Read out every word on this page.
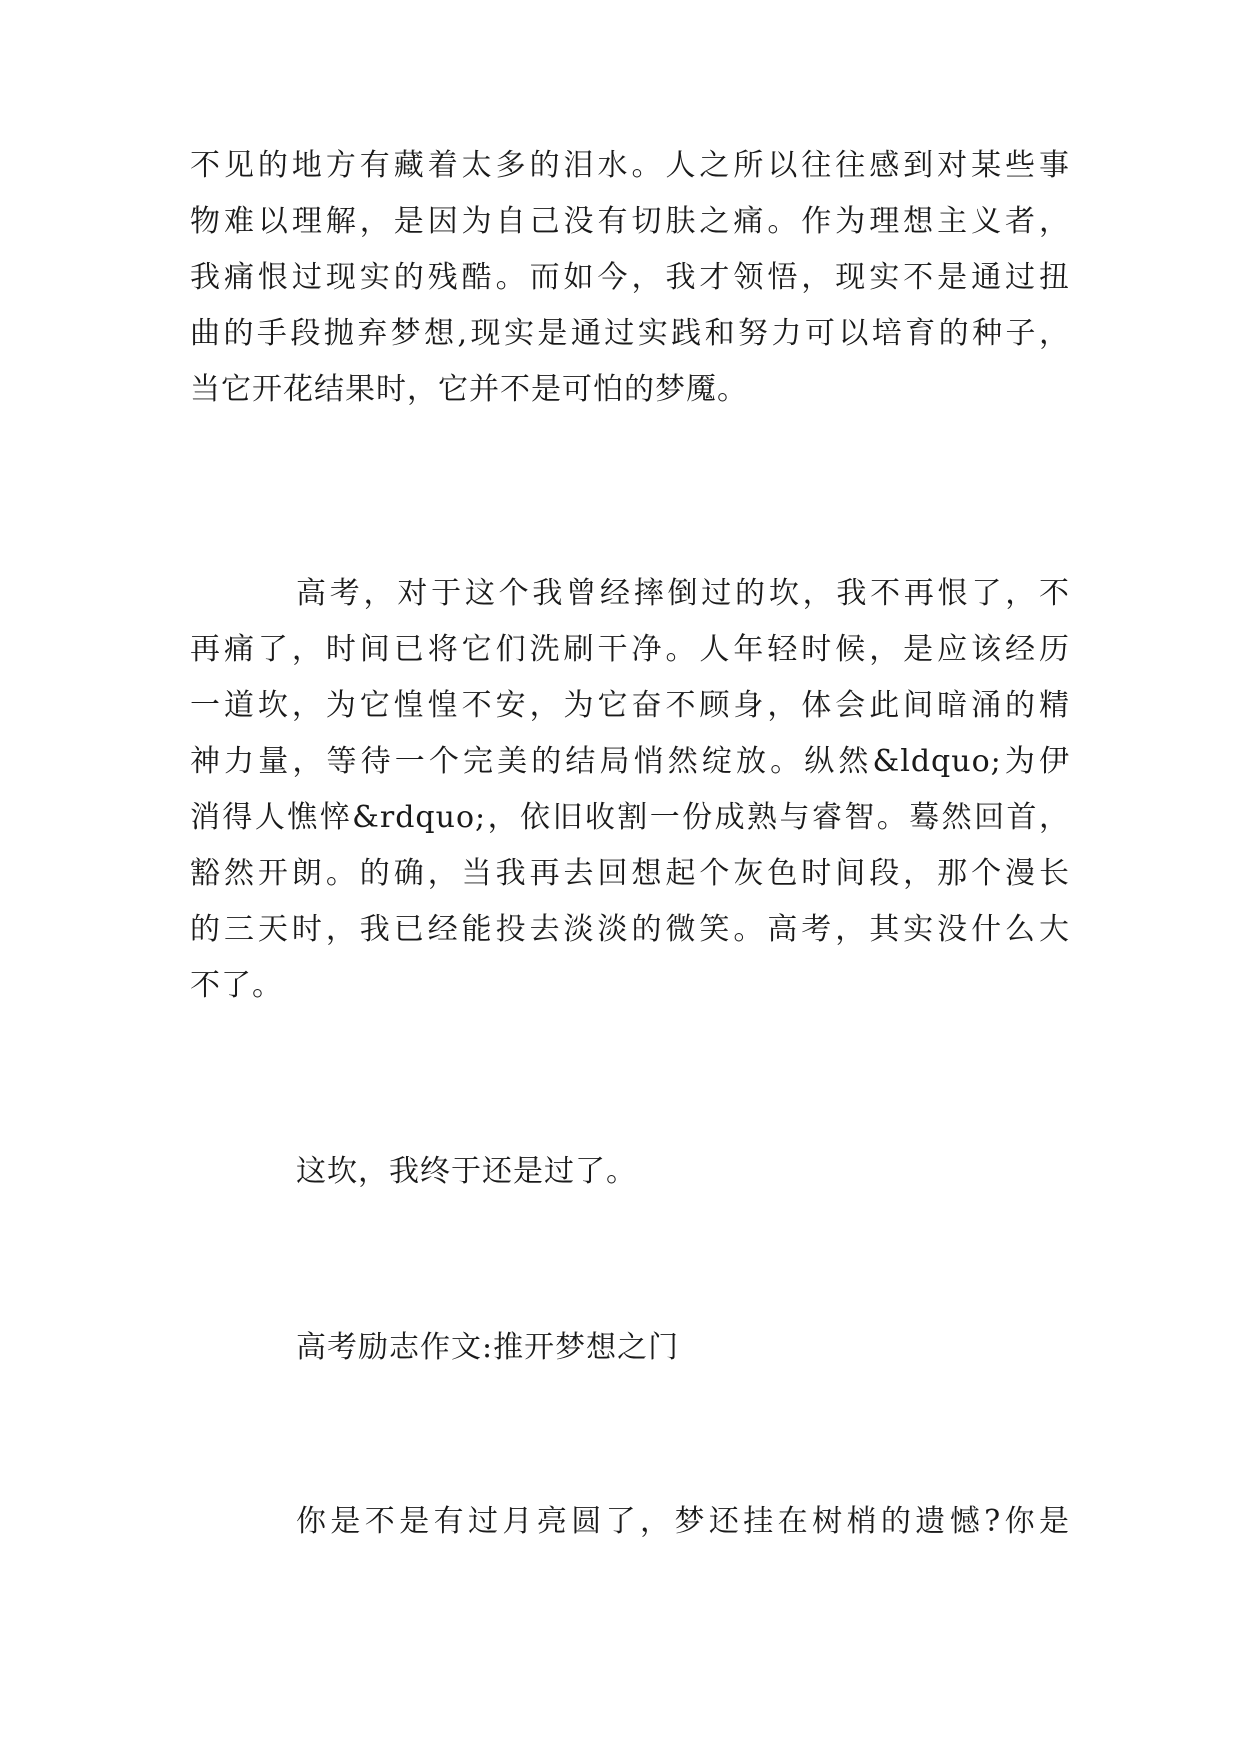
不见的地方有藏着太多的泪水。人之所以往往感到对某些事

物难以理解，是因为自己没有切肤之痛。作为理想主义者，

我痛恨过现实的残酷。而如今，我才领悟，现实不是通过扭

曲的手段抛弃梦想,现实是通过实践和努力可以培育的种子，

当它开花结果时，它并不是可怕的梦魇。

高考，对于这个我曾经摔倒过的坎，我不再恨了，不

再痛了，时间已将它们洗刷干净。人年轻时候，是应该经历

一道坎，为它惶惶不安，为它奋不顾身，体会此间暗涌的精

神力量，等待一个完美的结局悄然绽放。纵然&ldquo;为伊

消得人憔悴&rdquo;，依旧收割一份成熟与睿智。蓦然回首，

豁然开朗。的确，当我再去回想起个灰色时间段，那个漫长

的三天时，我已经能投去淡淡的微笑。高考，其实没什么大

不了。

这坎，我终于还是过了。

高考励志作文:推开梦想之门

你是不是有过月亮圆了，梦还挂在树梢的遗憾?你是
